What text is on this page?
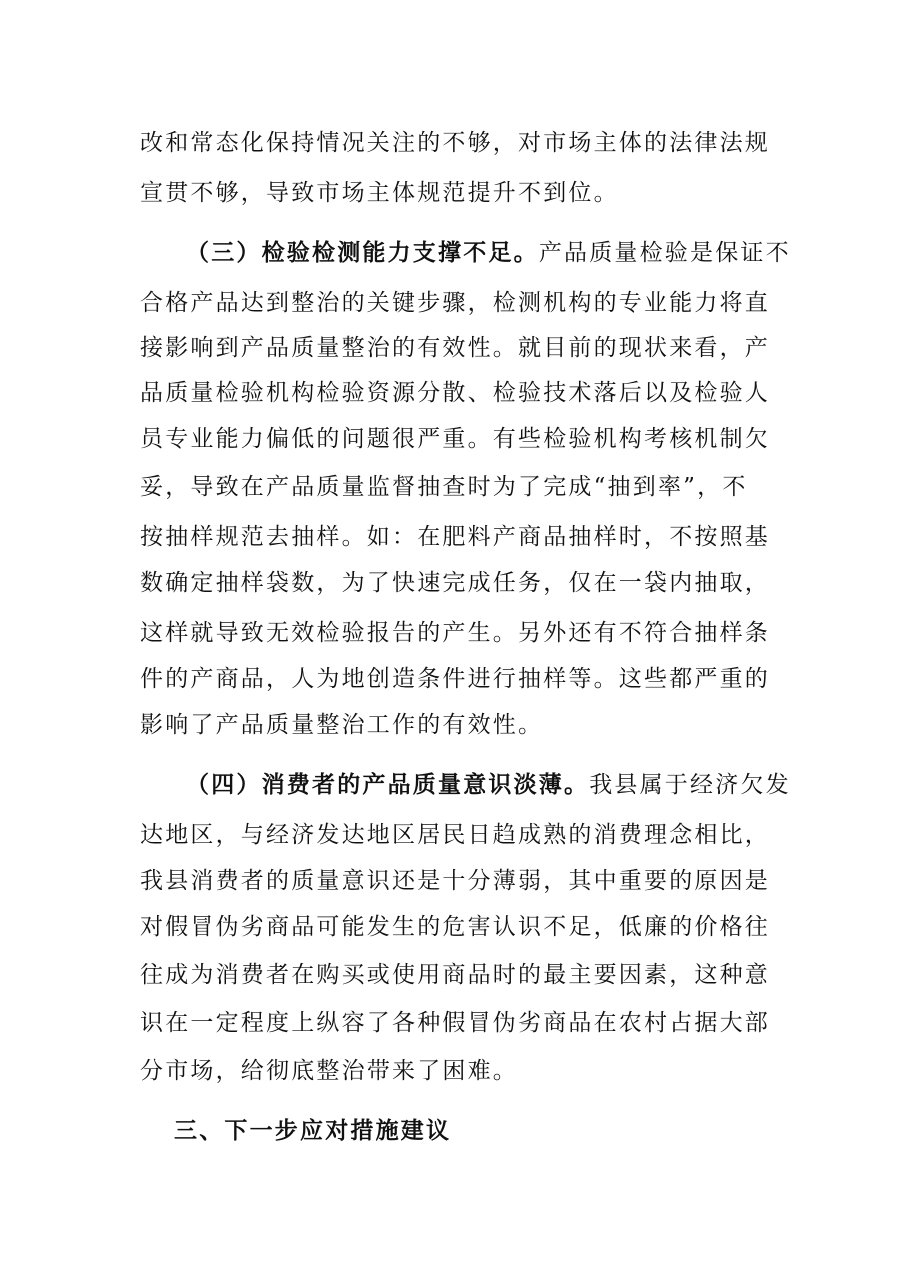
改和常态化保持情况关注的不够，对市场主体的法律法规
宣贯不够，导致市场主体规范提升不到位。
（三）检验检测能力支撑不足。产品质量检验是保证不
合格产品达到整治的关键步骤，检测机构的专业能力将直
接影响到产品质量整治的有效性。就目前的现状来看，产
品质量检验机构检验资源分散、检验技术落后以及检验人
员专业能力偏低的问题很严重。有些检验机构考核机制欠
妥，导致在产品质量监督抽查时为了完成“抽到率”，不
按抽样规范去抽样。如：在肥料产商品抽样时，不按照基
数确定抽样袋数，为了快速完成任务，仅在一袋内抽取，
这样就导致无效检验报告的产生。另外还有不符合抽样条
件的产商品，人为地创造条件进行抽样等。这些都严重的
影响了产品质量整治工作的有效性。
（四）消费者的产品质量意识淡薄。我县属于经济欠发
达地区，与经济发达地区居民日趋成熟的消费理念相比，
我县消费者的质量意识还是十分薄弱，其中重要的原因是
对假冒伪劣商品可能发生的危害认识不足，低廉的价格往
往成为消费者在购买或使用商品时的最主要因素，这种意
识在一定程度上纵容了各种假冒伪劣商品在农村占据大部
分市场，给彻底整治带来了困难。
三、下一步应对措施建议
